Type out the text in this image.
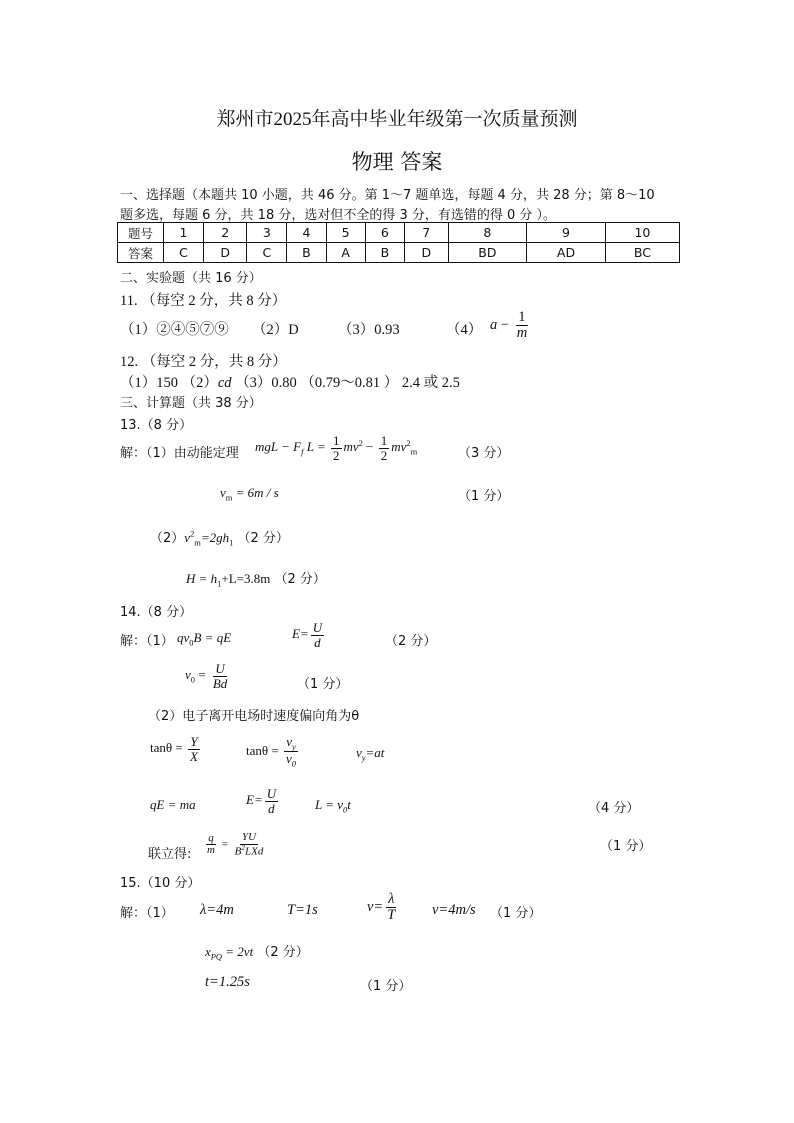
郑州市2025年高中毕业年级第一次质量预测
物理 答案
一、选择题（本题共 10 小题，共 46 分。第 1～7 题单选，每题 4 分，共 28 分；第 8～10
题多选，每题 6 分，共 18 分，选对但不全的得 3 分，有选错的得 0 分 ）。
题号	1	2	3	4	5	6	7	8	9	10
答案	C	D	C	B	A	B	D	BD	AD	BC
二、实验题（共 16 分）
11. （每空 2 分，共 8 分）
（1）②④⑤⑦⑨ （2）D	（3）0.93	（4） $a - \frac{1}{m}$
12. （每空 2 分，共 8 分）
（1）150 （2）cd （3）0.80 （0.79～0.81 ） 2.4 或 2.5
三、计算题（共 38 分）
13.（8 分）
解：（1）由动能定理 mgL − $F_f$ $L = \frac{1}{2} mv^2 - \frac{1}{2} mv^2_m$	（3 分）
$v_m = 6m / s$	（1 分）
$(2)v^2_m=2gh_1$ （2 分）
$H = h_1+L=3.8m$ （2 分）
14.（8 分）
解：（1） $qv_0B$ = qE	$E= \frac{U}{d}$	（2 分）
$v_0 = \frac{U}{Bd}$	（1 分）
（2）电子离开电场时速度偏向角为θ
$\tan\theta = \frac{Y}{X}$	$\tan\theta = \frac{v_y}{v_0}$	$v_y=at$
qE = ma	$E= \frac{U}{d}$	$L = v_0t$	（4 分）
联立得: $\frac{q}{m} = \frac{YU}{B^2LXd}$	（1 分）
15.（10 分）
解：（1） λ=4m	T=1s	$v= \frac{\lambda}{T} v=4m/s$ （1 分）
$x_{PQ} = 2vt$ （2 分）
t=1.25s	（1 分）
